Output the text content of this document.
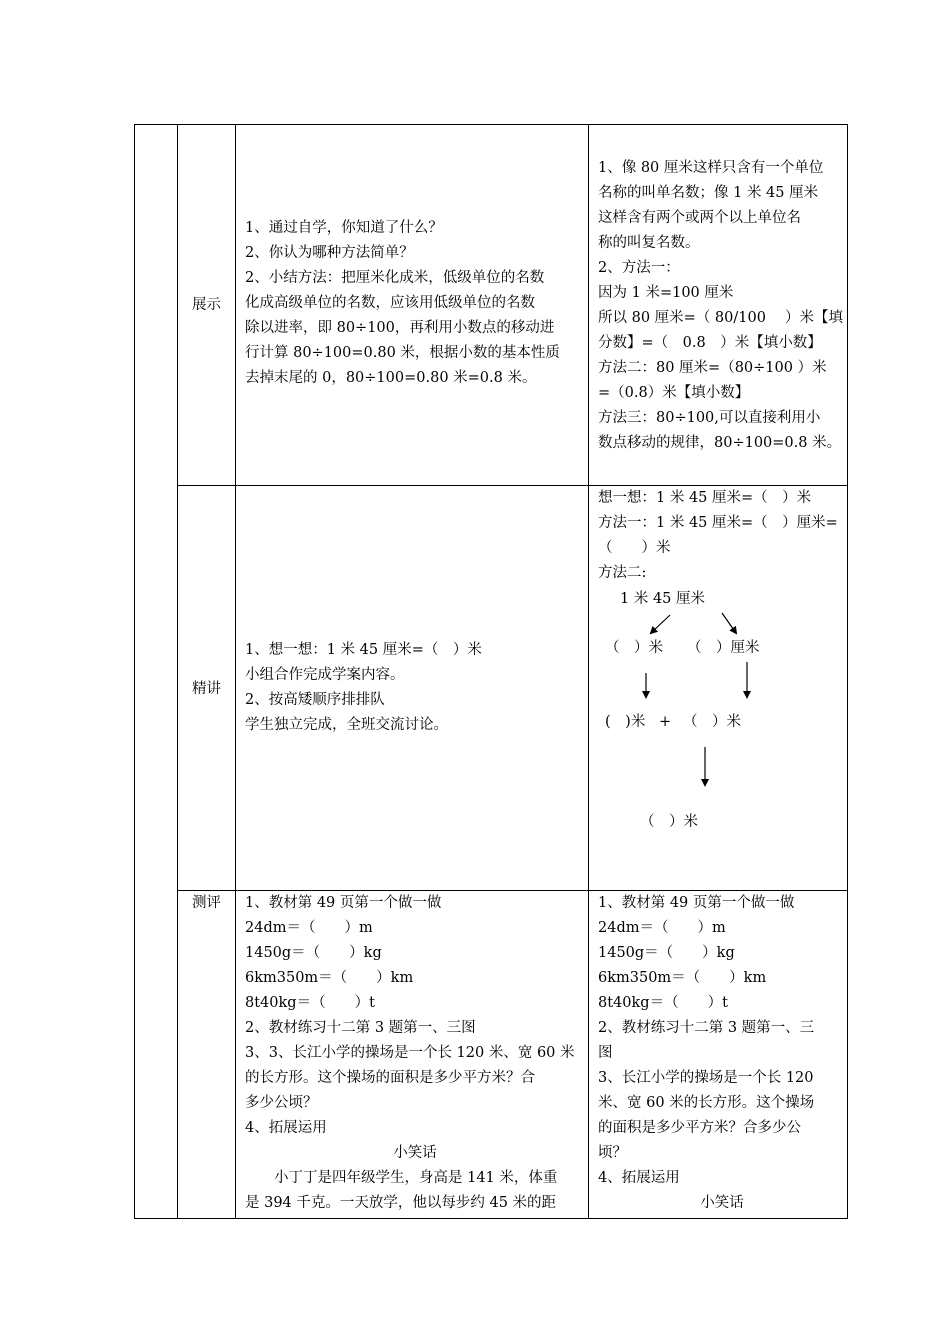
展示

1、通过自学，你知道了什么？

2、你认为哪种方法简单？

2、小结方法：把厘米化成米，低级单位的名数

化成高级单位的名数，应该用低级单位的名数

除以进率，即 80÷100，再利用小数点的移动进

行计算 80÷100=0.80 米，根据小数的基本性质

去掉末尾的 0，80÷100=0.80 米=0.8 米。

1、像 80 厘米这样只含有一个单位

名称的叫单名数；像 1 米 45 厘米

这样含有两个或两个以上单位名

称的叫复名数。

2、方法一：

因为 1 米=100 厘米

所以 80 厘米=（ 80/100　 ）米【填

分数】=（　0.8　）米【填小数】

方法二：80 厘米=（80÷100 ）米

=（0.8）米【填小数】

方法三：80÷100,可以直接利用小

数点移动的规律，80÷100=0.8 米。

精讲

1、想一想：1 米 45 厘米=（　）米

小组合作完成学案内容。

2、按高矮顺序排排队

学生独立完成，全班交流讨论。

想一想：1 米 45 厘米=（　）米

方法一：1 米 45 厘米=（　）厘米=

（　　）米

方法二:

1 米 45 厘米
（　）米 （　）厘米
(　)米 + （　）米
（　）米
测评	1、教材第 49 页第一个做一做

24dm＝（　　）m

1450g＝（　　）kg

6km350m＝（　　）km

8t40kg＝（　　）t

2、教材练习十二第 3 题第一、三图

3、3、长江小学的操场是一个长 120 米、宽 60 米

的长方形。这个操场的面积是多少平方米？合

多少公顷？

4、拓展运用

小笑话

小丁丁是四年级学生，身高是 141 米，体重

是 394 千克。一天放学，他以每步约 45 米的距

1、教材第 49 页第一个做一做

24dm＝（　　）m

1450g＝（　　）kg

6km350m＝（　　）km

8t40kg＝（　　）t

2、教材练习十二第 3 题第一、三

图

3、长江小学的操场是一个长 120

米、宽 60 米的长方形。这个操场

的面积是多少平方米？合多少公

顷？

4、拓展运用

小笑话
